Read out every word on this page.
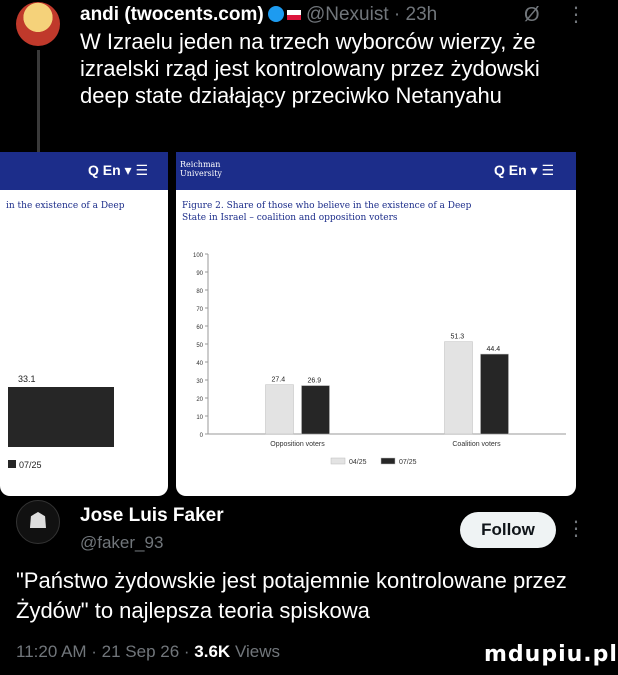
andi (twocents.com) @Nexuist · 23h	Ø ⋮
W Izraelu jeden na trzech wyborców wierzy, że izraelski rząd jest kontrolowany przez żydowski deep state działający przeciwko Netanyahu
Q En ▾ ☰
in the existence of a Deep
33.1
07/25
Reichman University	Q En ▾ ☰
Figure 2. Share of those who believe in the existence of a Deep
State in Israel – coalition and opposition voters
0
10
20
30
40
50
60
70
80
90
100
27.4	26.9
Opposition voters
51.3
44.4
Coalition voters
04/25	07/25
☗	Jose Luis Faker
@faker_93
Follow	⋮
"Państwo żydowskie jest potajemnie kontrolowane przez Żydów" to najlepsza teoria spiskowa
11:20 AM · 21 Sep 26 · 3.6K Views	mdupiu.pl
